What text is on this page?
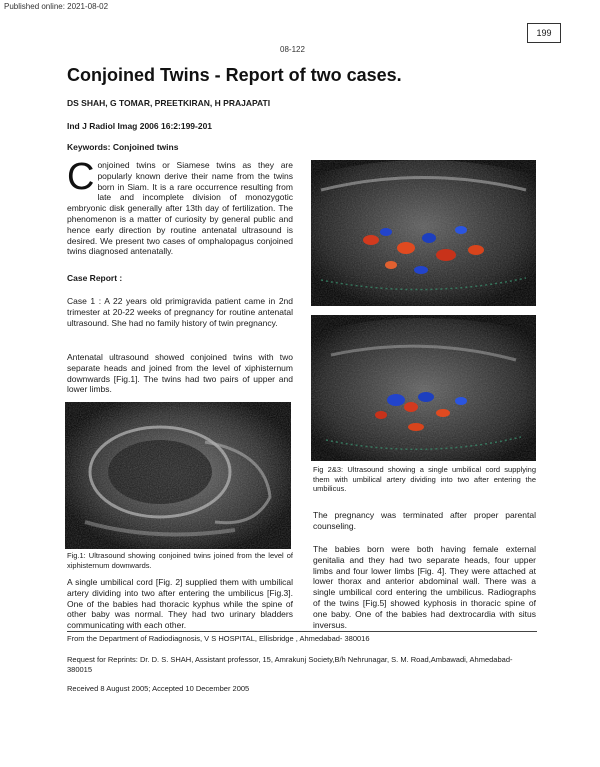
Published online: 2021-08-02
199
08-122
Conjoined Twins - Report of two cases.
DS SHAH, G TOMAR, PREETKIRAN, H PRAJAPATI
Ind J Radiol Imag 2006 16:2:199-201
Keywords: Conjoined twins
Conjoined twins or Siamese twins as they are popularly known derive their name from the twins born in Siam. It is a rare occurrence resulting from late and incomplete division of monozygotic embryonic disk generally after 13th day of fertilization. The phenomenon is a matter of curiosity by general public and hence early direction by routine antenatal ultrasound is desired. We present two cases of omphalopagus conjoined twins diagnosed antenatally.
Case Report :
Case 1 : A 22 years old primigravida patient came in 2nd trimester at 20-22 weeks of pregnancy for routine antenatal ultrasound. She had no family history of twin pregnancy.
Antenatal ultrasound showed conjoined twins with two separate heads and joined from the level of xiphisternum downwards [Fig.1]. The twins had two pairs of upper and lower limbs.
Fig.1: Ultrasound showing conjoined twins joined from the level of xiphisternum downwards.
Fig 2&3: Ultrasound showing a single umbilical cord supplying them with umbilical artery dividing into two after entering the umbilicus.
A single umbilical cord [Fig. 2] supplied them with umbilical artery dividing into two after entering the umbilicus [Fig.3]. One of the babies had thoracic kyphus while the spine of other baby was normal. They had two urinary bladders communicating with each other.
The pregnancy was terminated after proper parental counseling.
The babies born were both having female external genitalia and they had two separate heads, four upper limbs and four lower limbs [Fig. 4]. They were attached at lower thorax and anterior abdominal wall. There was a single umbilical cord entering the umbilicus. Radiographs of the twins [Fig.5] showed kyphosis in thoracic spine of one baby. One of the babies had dextrocardia with situs inversus.
From the Department of Radiodiagnosis, V S HOSPITAL, Ellisbridge , Ahmedabad- 380016
Request for Reprints: Dr. D. S. SHAH, Assistant professor, 15, Amrakunj Society,B/h Nehrunagar, S. M. Road,Ambawadi, Ahmedabad-380015
Received 8 August 2005; Accepted 10 December 2005
